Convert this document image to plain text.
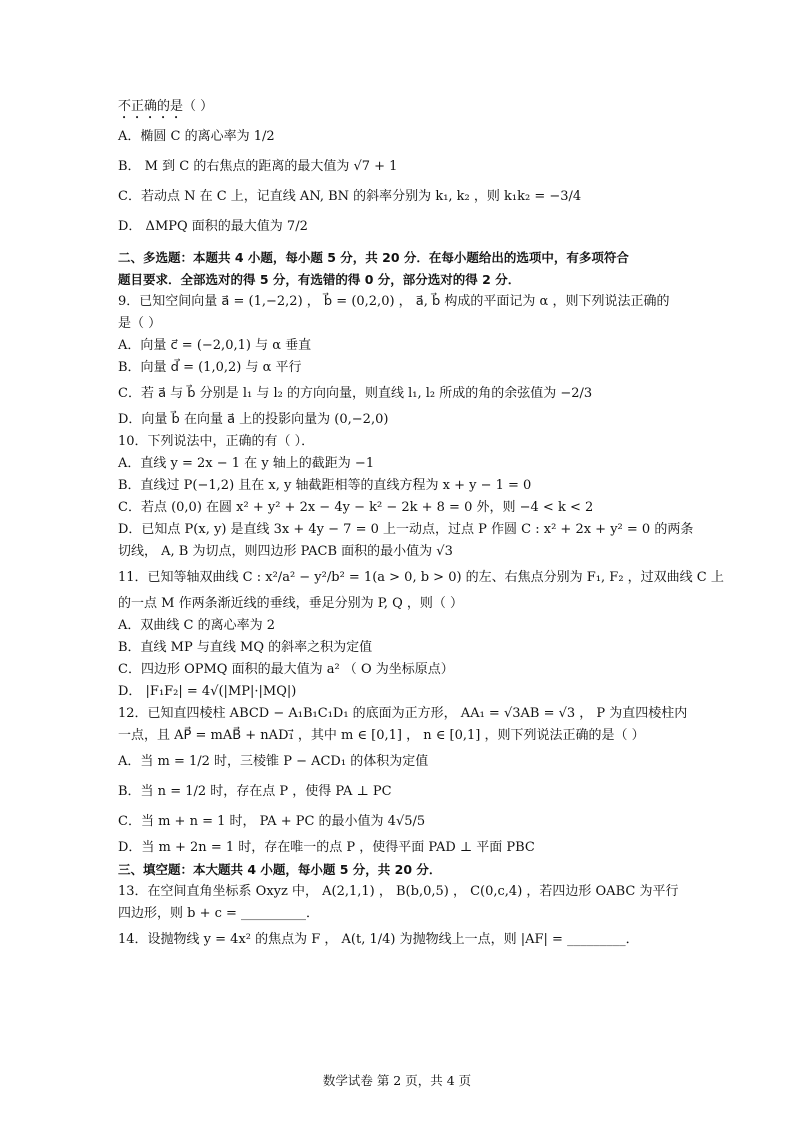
不正确的是（ ）
A．椭圆 C 的离心率为 1/2
B． M 到 C 的右焦点的距离的最大值为 √7 + 1
C．若动点 N 在 C 上，记直线 AN, BN 的斜率分别为 k₁, k₂ ，则 k₁k₂ = −3/4
D． ΔMPQ 面积的最大值为 7/2
二、多选题：本题共 4 小题，每小题 5 分，共 20 分．在每小题给出的选项中，有多项符合
题目要求．全部选对的得 5 分，有选错的得 0 分，部分选对的得 2 分．
9．已知空间向量 a⃗ = (1,−2,2) ， b⃗ = (0,2,0) ， a⃗, b⃗ 构成的平面记为 α ，则下列说法正确的
是（ ）
A．向量 c⃗ = (−2,0,1) 与 α 垂直
B．向量 d⃗ = (1,0,2) 与 α 平行
C．若 a⃗ 与 b⃗ 分别是 l₁ 与 l₂ 的方向向量，则直线 l₁, l₂ 所成的角的余弦值为 −2/3
D．向量 b⃗ 在向量 a⃗ 上的投影向量为 (0,−2,0)
10．下列说法中，正确的有（ ）．
A．直线 y = 2x − 1 在 y 轴上的截距为 −1
B．直线过 P(−1,2) 且在 x, y 轴截距相等的直线方程为 x + y − 1 = 0
C．若点 (0,0) 在圆 x² + y² + 2x − 4y − k² − 2k + 8 = 0 外，则 −4 < k < 2
D．已知点 P(x, y) 是直线 3x + 4y − 7 = 0 上一动点，过点 P 作圆 C : x² + 2x + y² = 0 的两条
切线， A, B 为切点，则四边形 PACB 面积的最小值为 √3
11．已知等轴双曲线 C : x²/a² − y²/b² = 1(a > 0, b > 0) 的左、右焦点分别为 F₁, F₂ ，过双曲线 C 上
的一点 M 作两条渐近线的垂线，垂足分别为 P, Q ，则（ ）
A．双曲线 C 的离心率为 2
B．直线 MP 与直线 MQ 的斜率之积为定值
C．四边形 OPMQ 面积的最大值为 a² （ O 为坐标原点）
D． |F₁F₂| = 4√(|MP|·|MQ|)
12．已知直四棱柱 ABCD − A₁B₁C₁D₁ 的底面为正方形， AA₁ = √3AB = √3 ， P 为直四棱柱内
一点，且 AP⃗ = mAB⃗ + nAD₁⃗ ，其中 m ∈ [0,1] ， n ∈ [0,1] ，则下列说法正确的是（ ）
A．当 m = 1/2 时，三棱锥 P − ACD₁ 的体积为定值
B．当 n = 1/2 时，存在点 P ，使得 PA ⊥ PC
C．当 m + n = 1 时， PA + PC 的最小值为 4√5/5
D．当 m + 2n = 1 时，存在唯一的点 P ，使得平面 PAD ⊥ 平面 PBC
三、填空题：本大题共 4 小题，每小题 5 分，共 20 分．
13．在空间直角坐标系 Oxyz 中， A(2,1,1) ， B(b,0,5) ， C(0,c,4) ，若四边形 OABC 为平行
四边形，则 b + c = __________．
14．设抛物线 y = 4x² 的焦点为 F ， A(t, 1/4) 为抛物线上一点，则 |AF| = _________．
数学试卷 第 2 页，共 4 页
